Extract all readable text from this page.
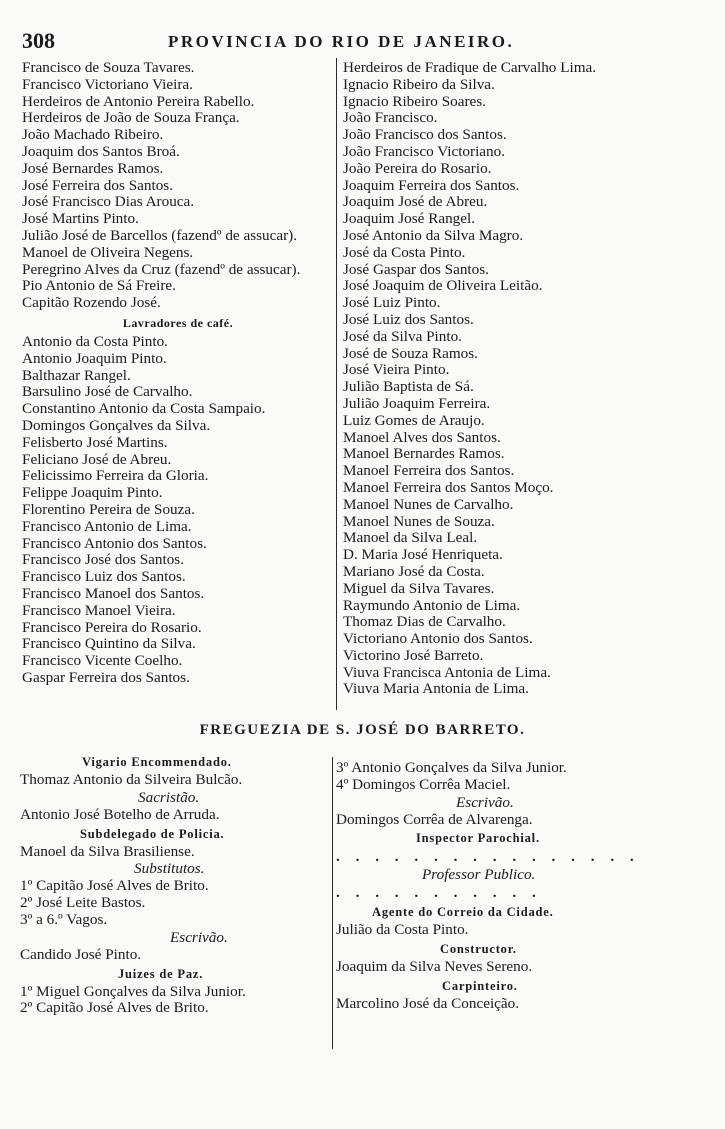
308	PROVINCIA DO RIO DE JANEIRO.
Francisco de Souza Tavares.
Francisco Victoriano Vieira.
Herdeiros de Antonio Pereira Rabello.
Herdeiros de João de Souza França.
João Machado Ribeiro.
Joaquim dos Santos Broá.
José Bernardes Ramos.
José Ferreira dos Santos.
José Francisco Dias Arouca.
José Martins Pinto.
Julião José de Barcellos (fazendº de assucar).
Manoel de Oliveira Negens.
Peregrino Alves da Cruz (fazendº de assucar).
Pio Antonio de Sá Freire.
Capitão Rozendo José.
Lavradores de café.
Antonio da Costa Pinto.
Antonio Joaquim Pinto.
Balthazar Rangel.
Barsulino José de Carvalho.
Constantino Antonio da Costa Sampaio.
Domingos Gonçalves da Silva.
Felisberto José Martins.
Feliciano José de Abreu.
Felicissimo Ferreira da Gloria.
Felippe Joaquim Pinto.
Florentino Pereira de Souza.
Francisco Antonio de Lima.
Francisco Antonio dos Santos.
Francisco José dos Santos.
Francisco Luiz dos Santos.
Francisco Manoel dos Santos.
Francisco Manoel Vieira.
Francisco Pereira do Rosario.
Francisco Quintino da Silva.
Francisco Vicente Coelho.
Gaspar Ferreira dos Santos.
Herdeiros de Fradique de Carvalho Lima.
Ignacio Ribeiro da Silva.
Ignacio Ribeiro Soares.
João Francisco.
João Francisco dos Santos.
João Francisco Victoriano.
João Pereira do Rosario.
Joaquim Ferreira dos Santos.
Joaquim José de Abreu.
Joaquim José Rangel.
José Antonio da Silva Magro.
José da Costa Pinto.
José Gaspar dos Santos.
José Joaquim de Oliveira Leitão.
José Luiz Pinto.
José Luiz dos Santos.
José da Silva Pinto.
José de Souza Ramos.
José Vieira Pinto.
Julião Baptista de Sá.
Julião Joaquim Ferreira.
Luiz Gomes de Araujo.
Manoel Alves dos Santos.
Manoel Bernardes Ramos.
Manoel Ferreira dos Santos.
Manoel Ferreira dos Santos Moço.
Manoel Nunes de Carvalho.
Manoel Nunes de Souza.
Manoel da Silva Leal.
D. Maria José Henriqueta.
Mariano José da Costa.
Miguel da Silva Tavares.
Raymundo Antonio de Lima.
Thomaz Dias de Carvalho.
Victoriano Antonio dos Santos.
Victorino José Barreto.
Viuva Francisca Antonia de Lima.
Viuva Maria Antonia de Lima.
FREGUEZIA DE S. JOSÉ DO BARRETO.
Vigario Encommendado.
Thomaz Antonio da Silveira Bulcão.
Sacristão.
Antonio José Botelho de Arruda.
Subdelegado de Policia.
Manoel da Silva Brasiliense.
Substitutos.
1º Capitão José Alves de Brito.
2º José Leite Bastos.
3º a 6.º Vagos.
Escrivão.
Candido José Pinto.
Juizes de Paz.
1º Miguel Gonçalves da Silva Junior.
2º Capitão José Alves de Brito.
3º Antonio Gonçalves da Silva Junior.
4º Domingos Corrêa Maciel.
Escrivão.
Domingos Corrêa de Alvarenga.
Inspector Parochial.
. . . . . . . . . . . . . . . .
Professor Publico.
. . . . . . . . . . .
Agente do Correio da Cidade.
Julião da Costa Pinto.
Constructor.
Joaquim da Silva Neves Sereno.
Carpinteiro.
Marcolino José da Conceição.
